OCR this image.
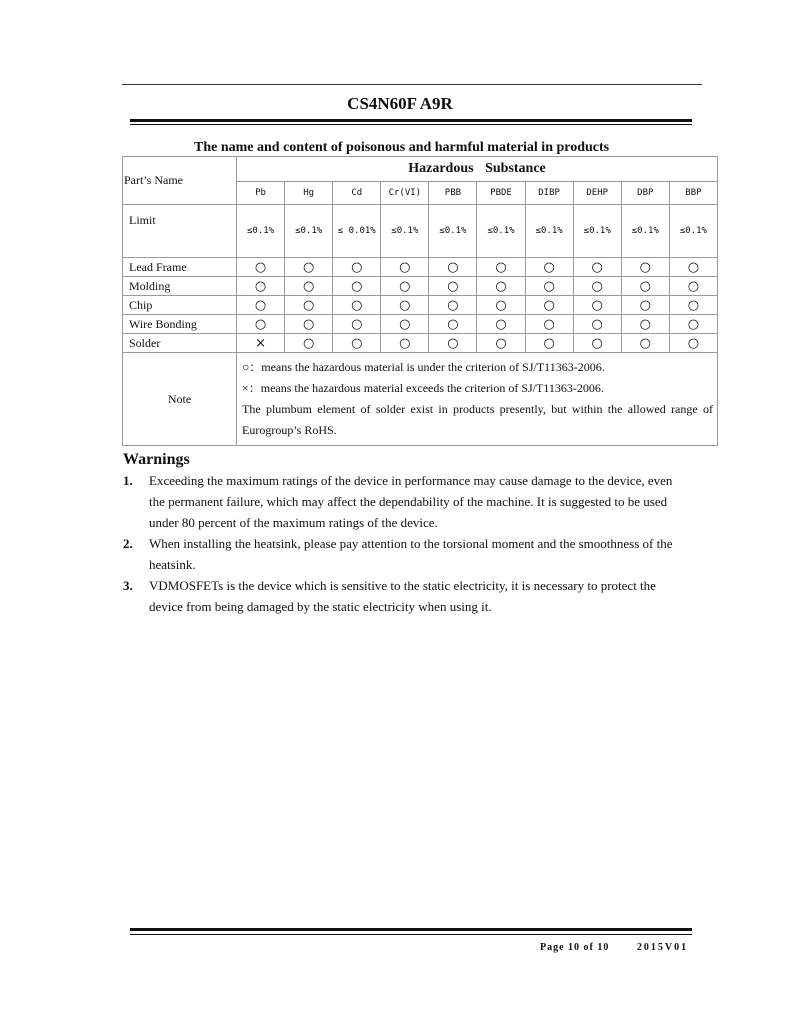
CS4N60F A9R
The name and content of poisonous and harmful material in products
Part’s Name	Hazardous Substance									
	Pb	Hg	Cd	Cr(VI)	PBB	PBDE	DIBP	DEHP	DBP	BBP
Limit	≤0.1%	≤0.1%	≤ 0.01%	≤0.1%	≤0.1%	≤0.1%	≤0.1%	≤0.1%	≤0.1%	≤0.1%
Lead Frame	○	○	○	○	○	○	○	○	○	○
Molding	○	○	○	○	○	○	○	○	○	○
Chip	○	○	○	○	○	○	○	○	○	○
Wire Bonding	○	○	○	○	○	○	○	○	○	○
Solder	×	○	○	○	○	○	○	○	○	○
Note	○：means the hazardous material is under the criterion of SJ/T11363-2006.
×：means the hazardous material exceeds the criterion of SJ/T11363-2006.
The plumbum element of solder exist in products presently, but within the allowed range of
Eurogroup’s RoHS.									
Warnings
1. Exceeding the maximum ratings of the device in performance may cause damage to the device, even the permanent failure, which may affect the dependability of the machine. It is suggested to be used under 80 percent of the maximum ratings of the device.
2. When installing the heatsink, please pay attention to the torsional moment and the smoothness of the heatsink.
3. VDMOSFETs is the device which is sensitive to the static electricity, it is necessary to protect the device from being damaged by the static electricity when using it.
Page 10 of 10	2015V01
